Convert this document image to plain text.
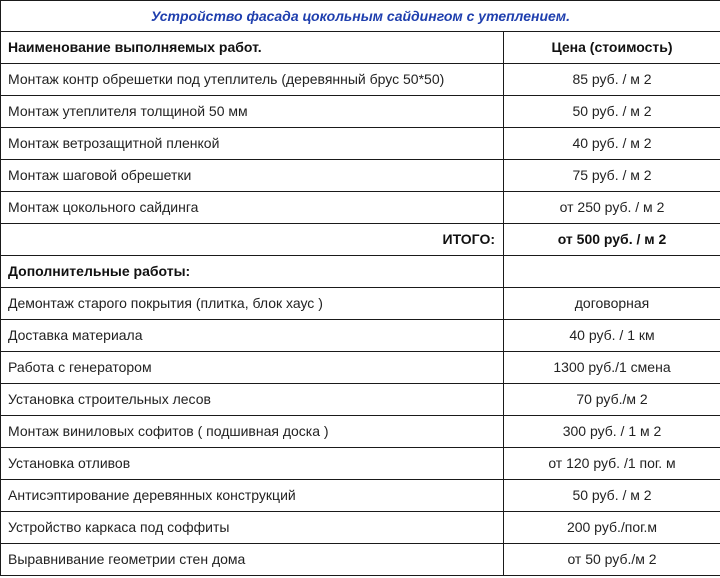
Устройство фасада цокольным сайдингом с утеплением.	
Наименование выполняемых работ.	Цена (стоимость)
Монтаж контр обрешетки под утеплитель (деревянный брус 50*50)	85 руб. / м 2
Монтаж утеплителя толщиной 50 мм	50 руб. / м 2
Монтаж ветрозащитной пленкой	40 руб. / м 2
Монтаж шаговой обрешетки	75 руб. / м 2
Монтаж цокольного сайдинга	от 250 руб. / м 2
ИТОГО:	от 500 руб. / м 2
Дополнительные работы:	
Демонтаж старого покрытия (плитка, блок хаус )	договорная
Доставка материала	40 руб. / 1 км
Работа с генератором	1300 руб./1 смена
Установка строительных лесов	70 руб./м 2
Монтаж виниловых софитов ( подшивная доска )	300 руб. / 1 м 2
Установка отливов	от 120 руб. /1 пог. м
Антисэптирование деревянных конструкций	50 руб. / м 2
Устройство каркаса под соффиты	200 руб./пог.м
Выравнивание геометрии стен дома	от 50 руб./м 2
